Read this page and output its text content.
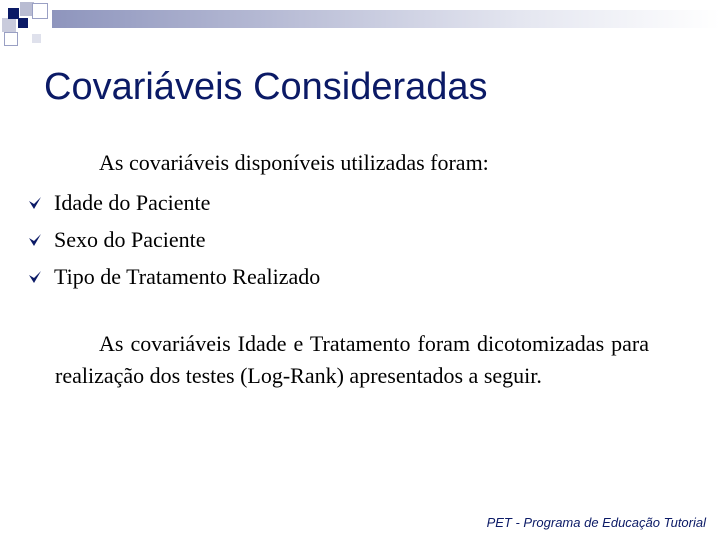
Covariáveis Consideradas
As covariáveis disponíveis utilizadas foram:
Idade do Paciente
Sexo do Paciente
Tipo de Tratamento Realizado

As covariáveis Idade e Tratamento foram dicotomizadas para realização dos testes (Log-Rank) apresentados a seguir.

PET - Programa de Educação Tutorial
